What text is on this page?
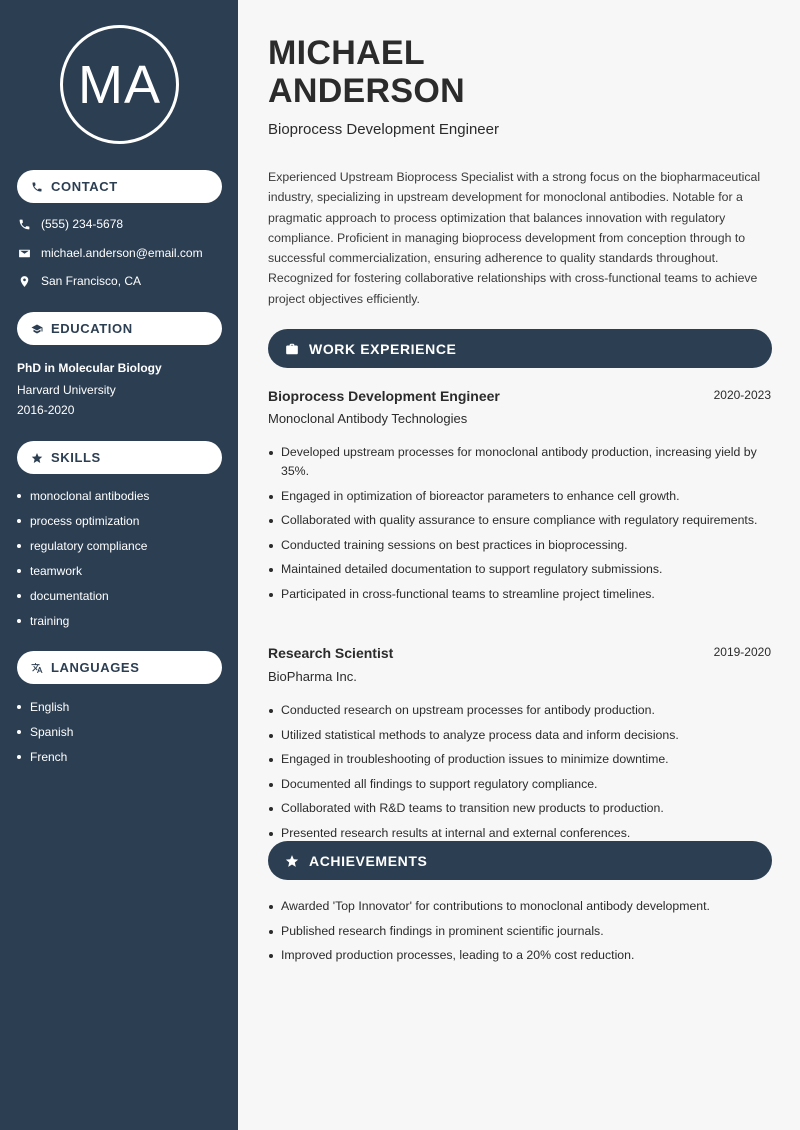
MA
CONTACT
(555) 234-5678
michael.anderson@email.com
San Francisco, CA
EDUCATION
PhD in Molecular Biology
Harvard University
2016-2020
SKILLS
monoclonal antibodies
process optimization
regulatory compliance
teamwork
documentation
training
LANGUAGES
English
Spanish
French
MICHAEL
ANDERSON
Bioprocess Development Engineer
Experienced Upstream Bioprocess Specialist with a strong focus on the biopharmaceutical industry, specializing in upstream development for monoclonal antibodies. Notable for a pragmatic approach to process optimization that balances innovation with regulatory compliance. Proficient in managing bioprocess development from conception through to successful commercialization, ensuring adherence to quality standards throughout. Recognized for fostering collaborative relationships with cross-functional teams to achieve project objectives efficiently.
WORK EXPERIENCE
Bioprocess Development Engineer	2020-2023
Monoclonal Antibody Technologies
Developed upstream processes for monoclonal antibody production, increasing yield by 35%.
Engaged in optimization of bioreactor parameters to enhance cell growth.
Collaborated with quality assurance to ensure compliance with regulatory requirements.
Conducted training sessions on best practices in bioprocessing.
Maintained detailed documentation to support regulatory submissions.
Participated in cross-functional teams to streamline project timelines.
Research Scientist	2019-2020
BioPharma Inc.
Conducted research on upstream processes for antibody production.
Utilized statistical methods to analyze process data and inform decisions.
Engaged in troubleshooting of production issues to minimize downtime.
Documented all findings to support regulatory compliance.
Collaborated with R&D teams to transition new products to production.
Presented research results at internal and external conferences.
ACHIEVEMENTS
Awarded 'Top Innovator' for contributions to monoclonal antibody development.
Published research findings in prominent scientific journals.
Improved production processes, leading to a 20% cost reduction.
